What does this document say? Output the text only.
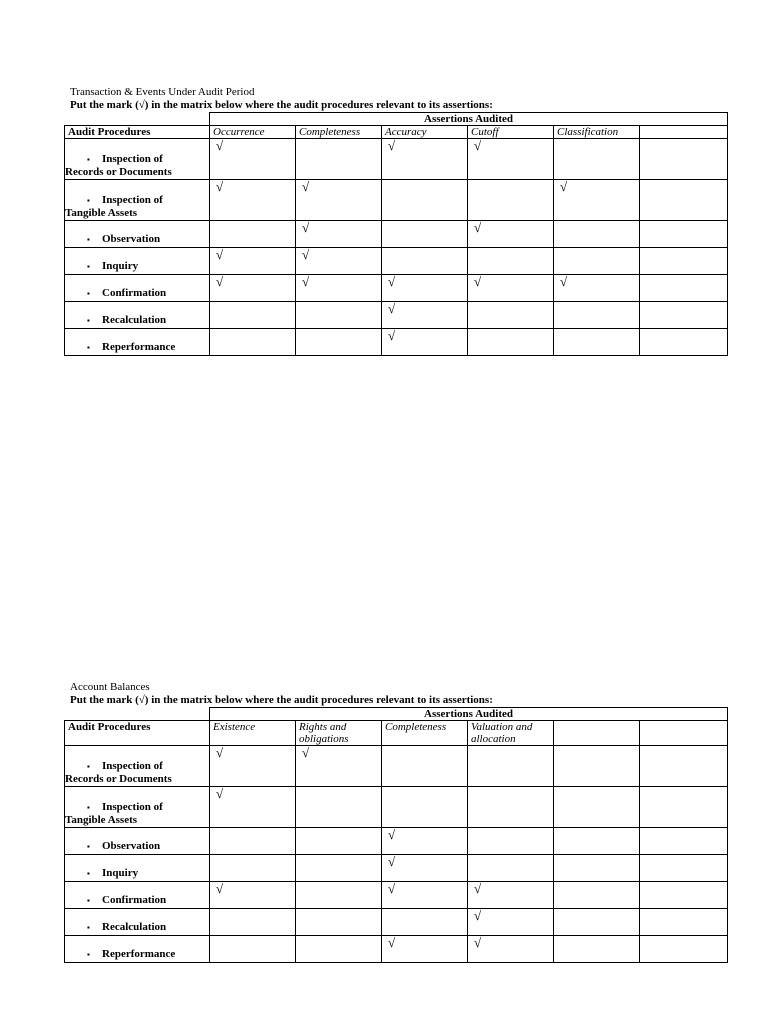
Transaction & Events Under Audit Period
Put the mark (√) in the matrix below where the audit procedures relevant to its assertions:
	Assertions Audited					
Audit Procedures	Occurrence	Completeness	Accuracy	Cutoff	Classification	
▪ Inspection of
Records or Documents	√		√	√		
▪ Inspection of
Tangible Assets	√	√			√	
▪ Observation		√		√		
▪ Inquiry	√	√				
▪ Confirmation	√	√	√	√	√	
▪ Recalculation			√			
▪ Reperformance			√			
Account Balances
Put the mark (√) in the matrix below where the audit procedures relevant to its assertions:
	Assertions Audited					
Audit Procedures	Existence	Rights and obligations	Completeness	Valuation and allocation		
▪ Inspection of
Records or Documents	√	√				
▪ Inspection of
Tangible Assets	√					
▪ Observation			√			
▪ Inquiry			√			
▪ Confirmation	√		√	√		
▪ Recalculation				√		
▪ Reperformance			√	√		
